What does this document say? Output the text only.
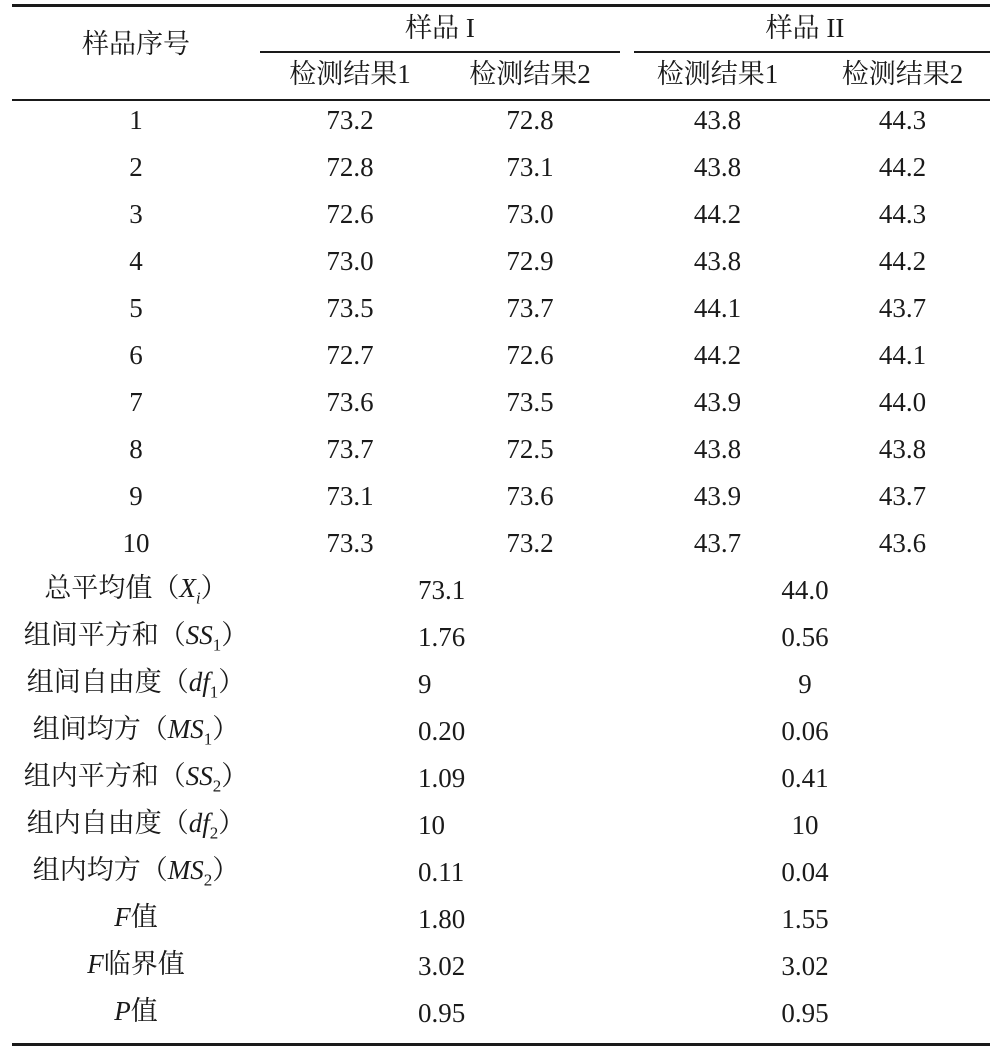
样品序号	样品 I		样品 II	
	检测结果1	检测结果2	检测结果1	检测结果2
1	73.2	72.8	43.8	44.3
2	72.8	73.1	43.8	44.2
3	72.6	73.0	44.2	44.3
4	73.0	72.9	43.8	44.2
5	73.5	73.7	44.1	43.7
6	72.7	72.6	44.2	44.1
7	73.6	73.5	43.9	44.0
8	73.7	72.5	43.8	43.8
9	73.1	73.6	43.9	43.7
10	73.3	73.2	43.7	43.6
总平均值$(X_i)$	73.1		44.0	
组间平方和$(SS_1)$	1.76		0.56	
组间自由度$(df_1)$	9		9	
组间均方$(MS_1)$	0.20		0.06	
组内平方和$(SS_2)$	1.09		0.41	
组内自由度$(df_2)$	10		10	
组内均方$(MS_2)$	0.11		0.04	
F值	1.80		1.55	
F临界值	3.02		3.02	
P值	0.95		0.95	
